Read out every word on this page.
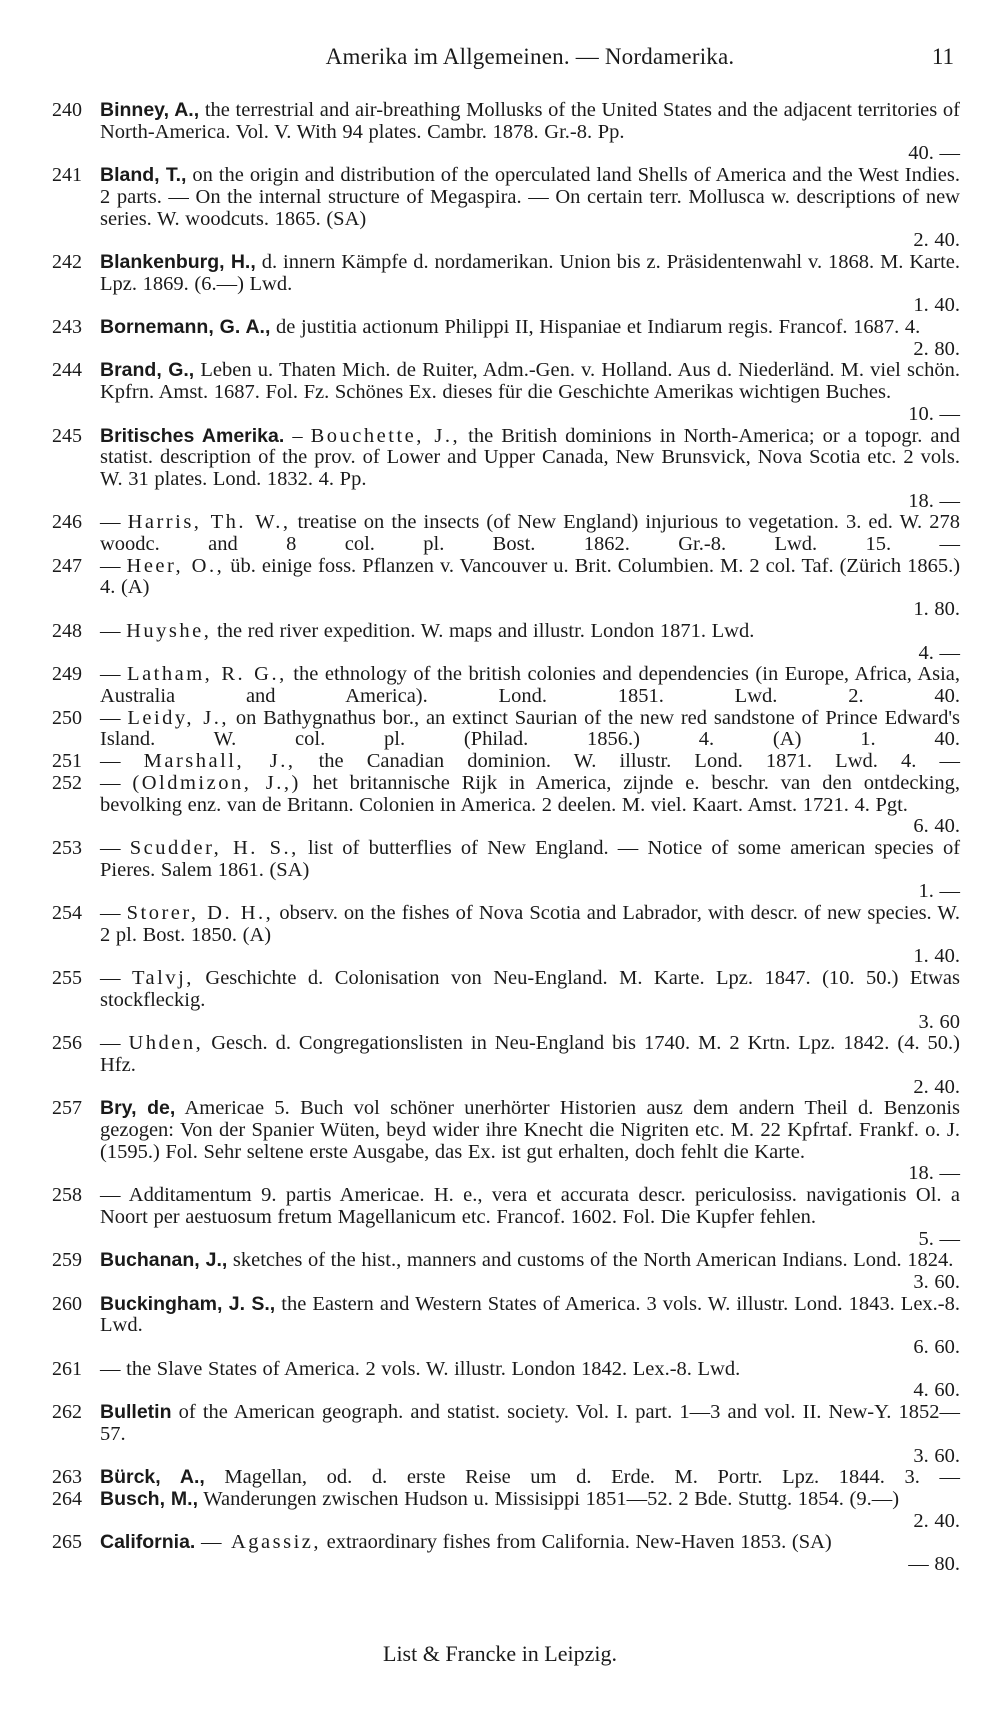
Amerika im Allgemeinen. — Nordamerika.	11
240 Binney, A., the terrestrial and air-breathing Mollusks of the United States and the adjacent territories of North-America. Vol. V. With 94 plates. Cambr. 1878. Gr.-8. Pp.
40. —
241 Bland, T., on the origin and distribution of the operculated land Shells of America and the West Indies. 2 parts. — On the internal structure of Megaspira. — On certain terr. Mollusca w. descriptions of new series. W. woodcuts. 1865. (SA)
2. 40.
242 Blankenburg, H., d. innern Kämpfe d. nordamerikan. Union bis z. Präsidentenwahl v. 1868. M. Karte. Lpz. 1869. (6.—) Lwd.
1. 40.
243 Bornemann, G. A., de justitia actionum Philippi II, Hispaniae et Indiarum regis. Francof. 1687. 4.
2. 80.
244 Brand, G., Leben u. Thaten Mich. de Ruiter, Adm.-Gen. v. Holland. Aus d. Niederländ. M. viel schön. Kpfrn. Amst. 1687. Fol. Fz. Schönes Ex. dieses für die Geschichte Amerikas wichtigen Buches.
10. —
245 Britisches Amerika. – Bouchette, J., the British dominions in North-America; or a topogr. and statist. description of the prov. of Lower and Upper Canada, New Brunsvick, Nova Scotia etc. 2 vols. W. 31 plates. Lond. 1832. 4. Pp.
18. —
246 — Harris, Th. W., treatise on the insects (of New England) injurious to vegetation. 3. ed. W. 278 woodc. and 8 col. pl. Bost. 1862. Gr.-8. Lwd. 15. —
247 — Heer, O., üb. einige foss. Pflanzen v. Vancouver u. Brit. Columbien. M. 2 col. Taf. (Zürich 1865.) 4. (A)
1. 80.
248 — Huyshe, the red river expedition. W. maps and illustr. London 1871. Lwd.
4. —
249 — Latham, R. G., the ethnology of the british colonies and dependencies (in Europe, Africa, Asia, Australia and America). Lond. 1851. Lwd. 2. 40.
250 — Leidy, J., on Bathygnathus bor., an extinct Saurian of the new red sandstone of Prince Edward's Island. W. col. pl. (Philad. 1856.) 4. (A) 1. 40.
251 — Marshall, J., the Canadian dominion. W. illustr. Lond. 1871. Lwd. 4. —
252 — (Oldmizon, J.,) het britannische Rijk in America, zijnde e. beschr. van den ontdecking, bevolking enz. van de Britann. Colonien in America. 2 deelen. M. viel. Kaart. Amst. 1721. 4. Pgt.
6. 40.
253 — Scudder, H. S., list of butterflies of New England. — Notice of some american species of Pieres. Salem 1861. (SA)
1. —
254 — Storer, D. H., observ. on the fishes of Nova Scotia and Labrador, with descr. of new species. W. 2 pl. Bost. 1850. (A)
1. 40.
255 — Talvj, Geschichte d. Colonisation von Neu-England. M. Karte. Lpz. 1847. (10. 50.) Etwas stockfleckig.
3. 60
256 — Uhden, Gesch. d. Congregationslisten in Neu-England bis 1740. M. 2 Krtn. Lpz. 1842. (4. 50.) Hfz.
2. 40.
257 Bry, de, Americae 5. Buch vol schöner unerhörter Historien ausz dem andern Theil d. Benzonis gezogen: Von der Spanier Wüten, beyd wider ihre Knecht die Nigriten etc. M. 22 Kpfrtaf. Frankf. o. J. (1595.) Fol. Sehr seltene erste Ausgabe, das Ex. ist gut erhalten, doch fehlt die Karte.
18. —
258 — Additamentum 9. partis Americae. H. e., vera et accurata descr. periculosiss. navigationis Ol. a Noort per aestuosum fretum Magellanicum etc. Francof. 1602. Fol. Die Kupfer fehlen.
5. —
259 Buchanan, J., sketches of the hist., manners and customs of the North American Indians. Lond. 1824.
3. 60.
260 Buckingham, J. S., the Eastern and Western States of America. 3 vols. W. illustr. Lond. 1843. Lex.-8. Lwd.
6. 60.
261 — the Slave States of America. 2 vols. W. illustr. London 1842. Lex.-8. Lwd.
4. 60.
262 Bulletin of the American geograph. and statist. society. Vol. I. part. 1—3 and vol. II. New-Y. 1852—57.
3. 60.
263 Bürck, A., Magellan, od. d. erste Reise um d. Erde. M. Portr. Lpz. 1844. 3. —
264 Busch, M., Wanderungen zwischen Hudson u. Missisippi 1851—52. 2 Bde. Stuttg. 1854. (9.—)
2. 40.
265 California. — Agassiz, extraordinary fishes from California. New-Haven 1853. (SA)
— 80.
List & Francke in Leipzig.
